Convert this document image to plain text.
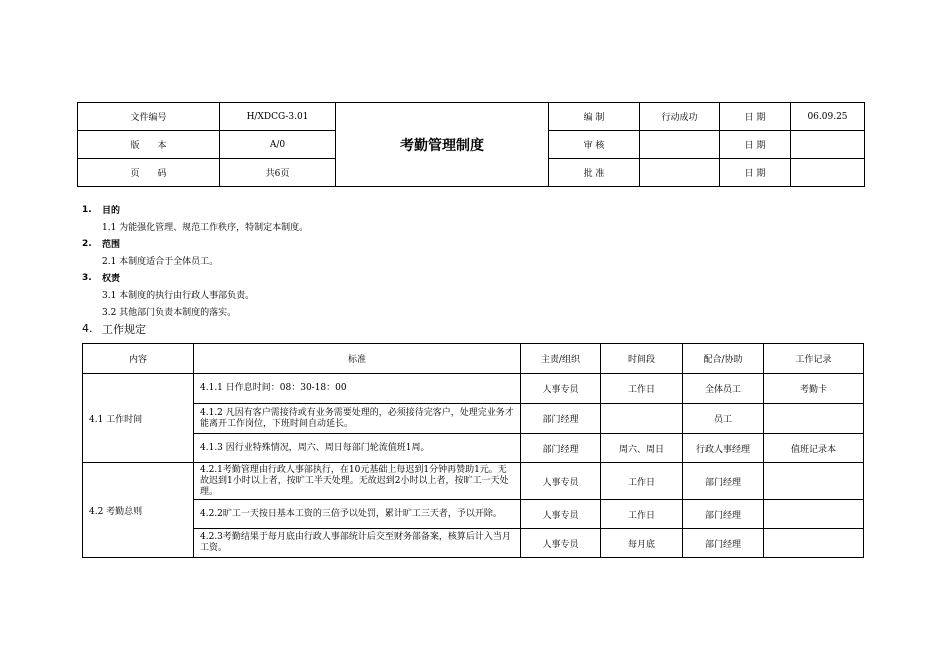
文件编号	H/XDCG-3.01	考勤管理制度	编 制	行动成功	日 期	06.09.25
版　　本	A/0		审 核		日 期	
页　　码	共6页		批 准		日 期	
1.	目的
1.1 为能强化管理、规范工作秩序，特制定本制度。
2.	范围
2.1 本制度适合于全体员工。
3.	权责
3.1 本制度的执行由行政人事部负责。
3.2 其他部门负责本制度的落实。
4. 工作规定
内容	标准	主责/组织	时间段	配合/协助	工作记录
4.1 工作时间	4.1.1 日作息时间：08：30-18：00	人事专员	工作日	全体员工	考勤卡
	4.1.2 凡因有客户需接待或有业务需要处理的，必须接待完客户，处理完业务才能离开工作岗位，下班时间自动延长。	部门经理		员工	
	4.1.3 因行业特殊情况，周六、周日每部门轮流值班1周。	部门经理	周六、周日	行政人事经理	值班记录本
4.2 考勤总则	4.2.1考勤管理由行政人事部执行，在10元基础上每迟到1分钟再赞助1元。无故迟到1小时以上者，按旷工半天处理。无故迟到2小时以上者，按旷工一天处理。	人事专员	工作日	部门经理	
	4.2.2旷工一天按日基本工资的三倍予以处罚，累计旷工三天者，予以开除。	人事专员	工作日	部门经理	
	4.2.3考勤结果于每月底由行政人事部统计后交至财务部备案，核算后计入当月工资。	人事专员	每月底	部门经理	
